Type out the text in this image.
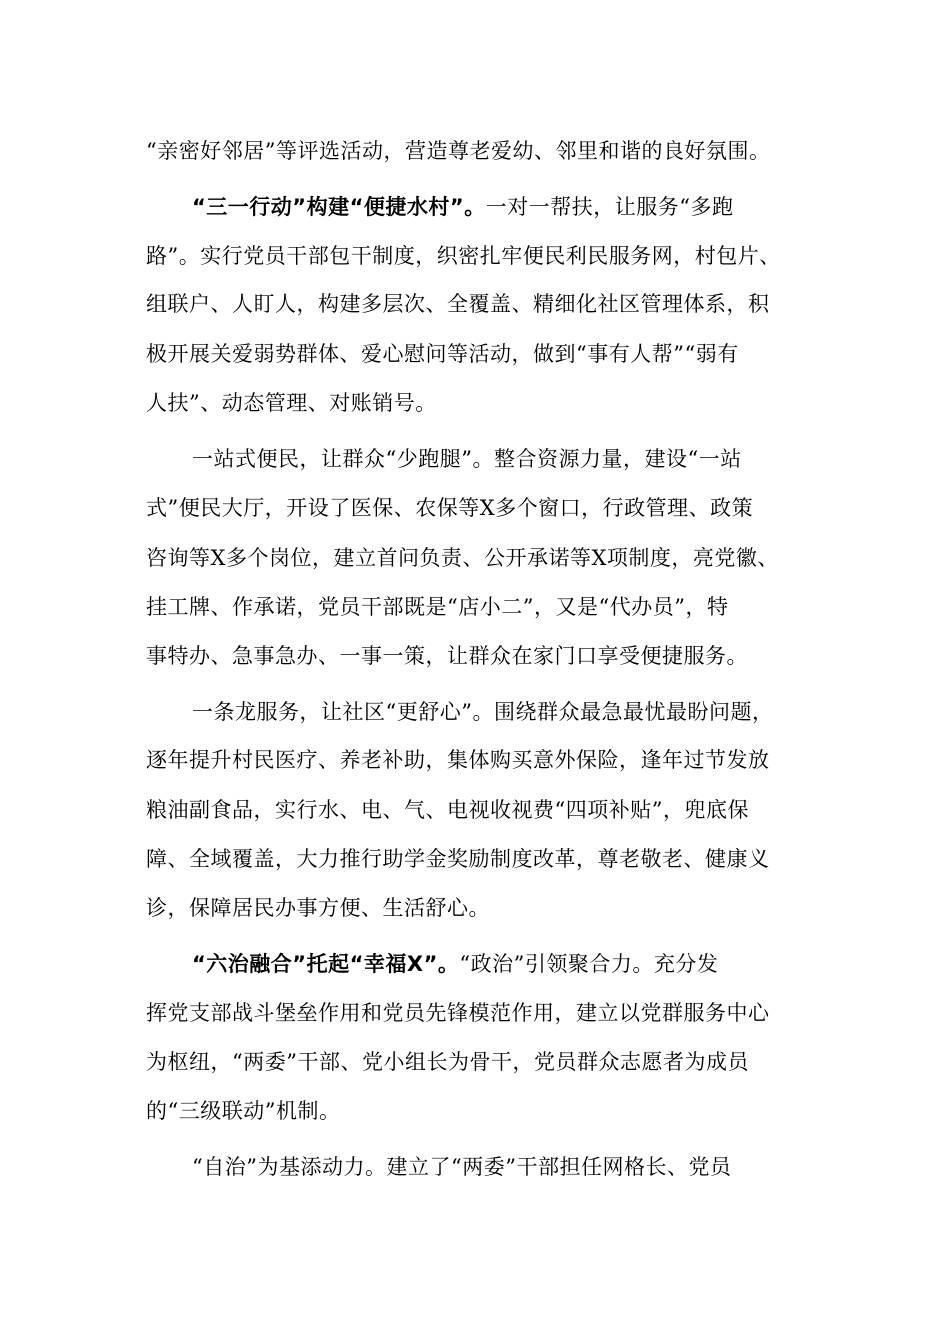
“亲密好邻居”等评选活动，营造尊老爱幼、邻里和谐的良好氛围。
“三一行动”构建“便捷水村”。一对一帮扶，让服务“多跑
路”。实行党员干部包干制度，织密扎牢便民利民服务网，村包片、
组联户、人盯人，构建多层次、全覆盖、精细化社区管理体系，积
极开展关爱弱势群体、爱心慰问等活动，做到“事有人帮”“弱有
人扶”、动态管理、对账销号。
一站式便民，让群众“少跑腿”。整合资源力量，建设“一站
式”便民大厅，开设了医保、农保等X多个窗口，行政管理、政策
咨询等X多个岗位，建立首问负责、公开承诺等X项制度，亮党徽、
挂工牌、作承诺，党员干部既是“店小二”，又是“代办员”，特
事特办、急事急办、一事一策，让群众在家门口享受便捷服务。
一条龙服务，让社区“更舒心”。围绕群众最急最忧最盼问题，
逐年提升村民医疗、养老补助，集体购买意外保险，逢年过节发放
粮油副食品，实行水、电、气、电视收视费“四项补贴”，兜底保
障、全域覆盖，大力推行助学金奖励制度改革，尊老敬老、健康义
诊，保障居民办事方便、生活舒心。
“六治融合”托起“幸福X”。“政治”引领聚合力。充分发
挥党支部战斗堡垒作用和党员先锋模范作用，建立以党群服务中心
为枢纽，“两委”干部、党小组长为骨干，党员群众志愿者为成员
的“三级联动”机制。
“自治”为基添动力。建立了“两委”干部担任网格长、党员
